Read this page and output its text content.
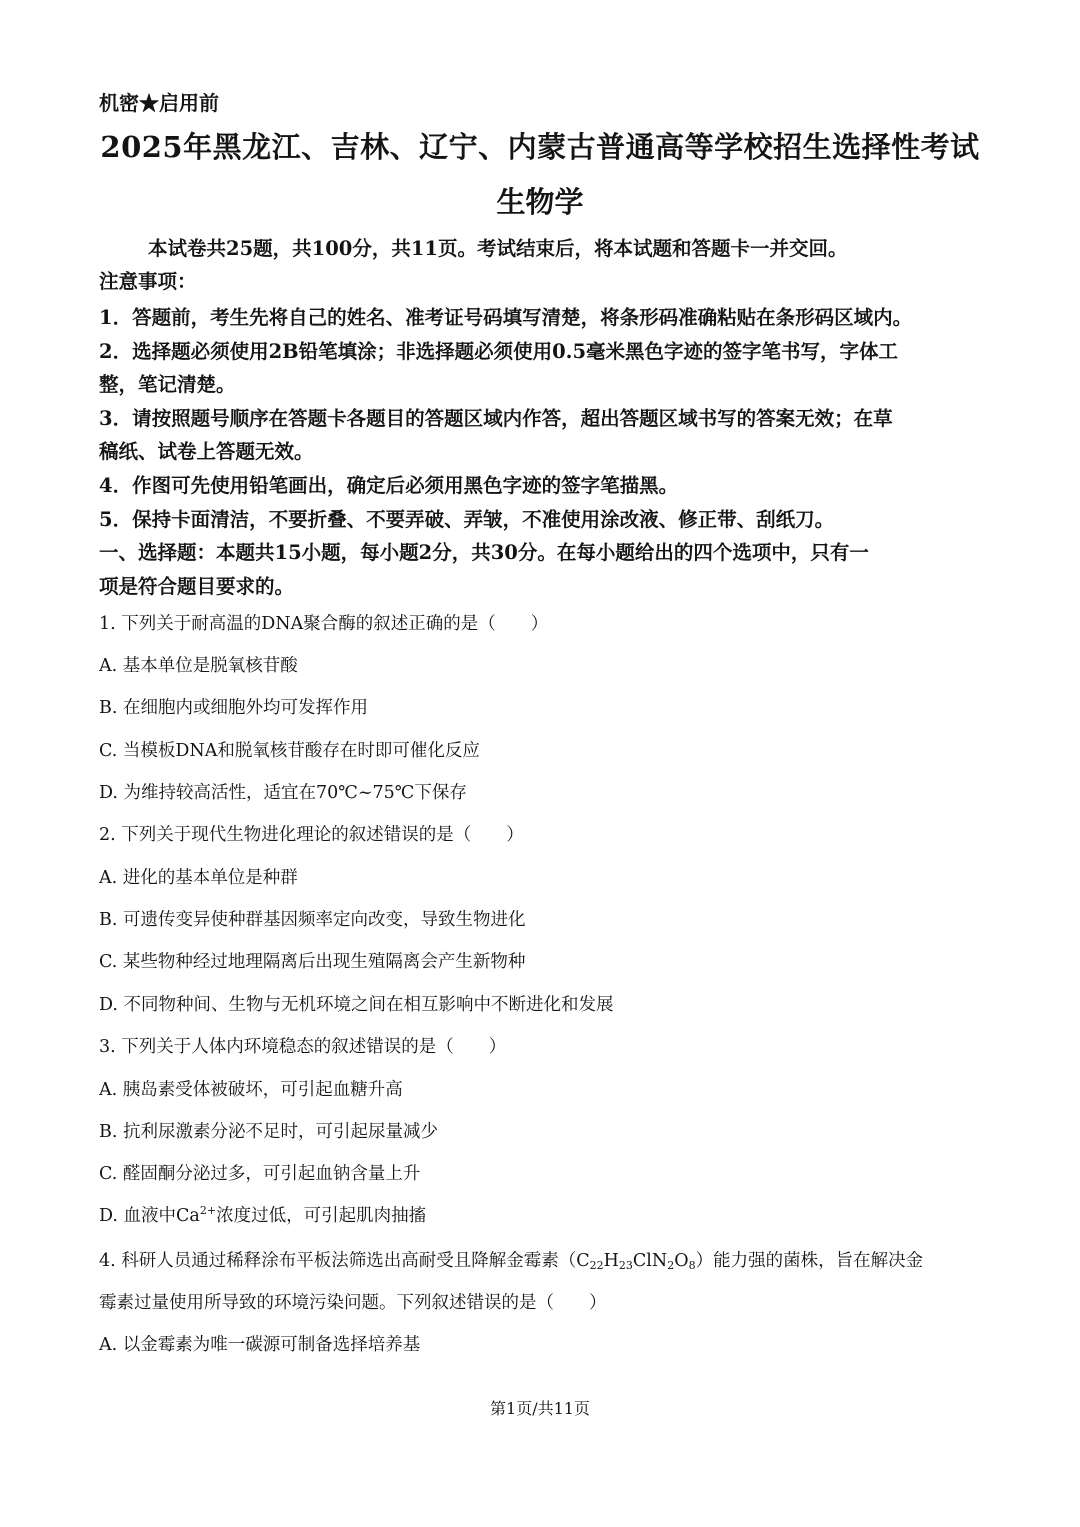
机密★启用前
2025年黑龙江、吉林、辽宁、内蒙古普通高等学校招生选择性考试
生物学
本试卷共25题，共100分，共11页。考试结束后，将本试题和答题卡一并交回。
注意事项：
1．答题前，考生先将自己的姓名、准考证号码填写清楚，将条形码准确粘贴在条形码区域内。
2．选择题必须使用2B铅笔填涂；非选择题必须使用0.5毫米黑色字迹的签字笔书写，字体工
整，笔记清楚。
3．请按照题号顺序在答题卡各题目的答题区域内作答，超出答题区域书写的答案无效；在草
稿纸、试卷上答题无效。
4．作图可先使用铅笔画出，确定后必须用黑色字迹的签字笔描黑。
5．保持卡面清洁，不要折叠、不要弄破、弄皱，不准使用涂改液、修正带、刮纸刀。
一、选择题：本题共15小题，每小题2分，共30分。在每小题给出的四个选项中，只有一
项是符合题目要求的。
1. 下列关于耐高温的DNA聚合酶的叙述正确的是（　　）
A. 基本单位是脱氧核苷酸
B. 在细胞内或细胞外均可发挥作用
C. 当模板DNA和脱氧核苷酸存在时即可催化反应
D. 为维持较高活性，适宜在70℃~75℃下保存
2. 下列关于现代生物进化理论的叙述错误的是（　　）
A. 进化的基本单位是种群
B. 可遗传变异使种群基因频率定向改变，导致生物进化
C. 某些物种经过地理隔离后出现生殖隔离会产生新物种
D. 不同物种间、生物与无机环境之间在相互影响中不断进化和发展
3. 下列关于人体内环境稳态的叙述错误的是（　　）
A. 胰岛素受体被破坏，可引起血糖升高
B. 抗利尿激素分泌不足时，可引起尿量减少
C. 醛固酮分泌过多，可引起血钠含量上升
D. 血液中$Ca^{2+}$浓度过低，可引起肌肉抽搐
4. 科研人员通过稀释涂布平板法筛选出高耐受且降解金霉素$(C_{22}H_{23}ClN_2O_8)$能力强的菌株，旨在解决金
霉素过量使用所导致的环境污染问题。下列叙述错误的是（　　）
A. 以金霉素为唯一碳源可制备选择培养基
第1页/共11页
